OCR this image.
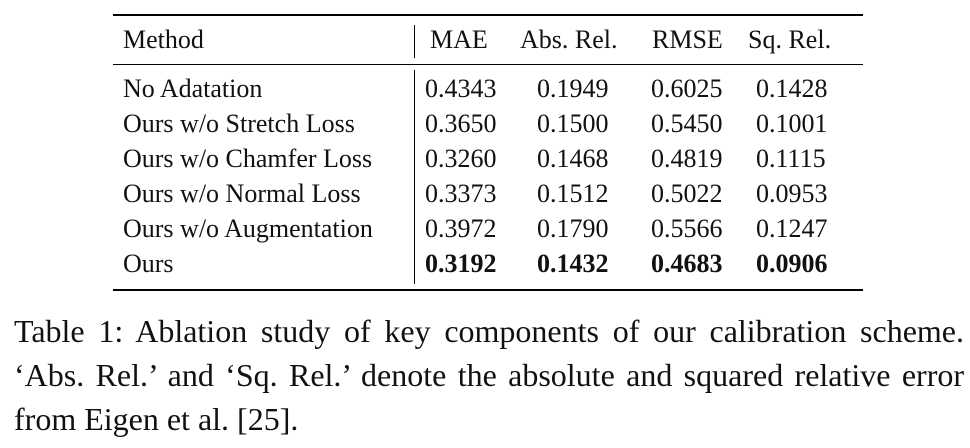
Method	MAE Abs. Rel. RMSE Sq. Rel.
No Adatation	0.4343 0.1949 0.6025 0.1428
Ours w/o Stretch Loss	0.3650 0.1500 0.5450 0.1001
Ours w/o Chamfer Loss 0.3260 0.1468 0.4819 0.1115
Ours w/o Normal Loss 0.3373 0.1512 0.5022 0.0953
Ours w/o Augmentation 0.3972 0.1790 0.5566 0.1247
Ours	0.3192 0.1432 0.4683 0.0906
Table 1: Ablation study of key components of our calibration scheme. ‘Abs. Rel.’ and ‘Sq. Rel.’ denote the absolute and squared relative error from Eigen et al. [25].
